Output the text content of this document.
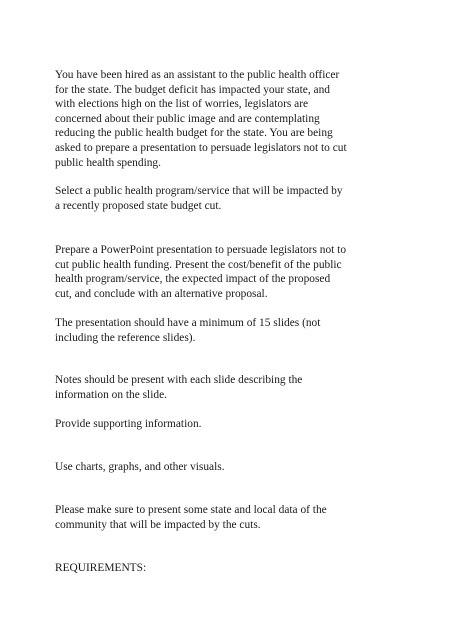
You have been hired as an assistant to the public health officer
for the state. The budget deficit has impacted your state, and
with elections high on the list of worries, legislators are
concerned about their public image and are contemplating
reducing the public health budget for the state. You are being
asked to prepare a presentation to persuade legislators not to cut
public health spending.

Select a public health program/service that will be impacted by
a recently proposed state budget cut.

Prepare a PowerPoint presentation to persuade legislators not to
cut public health funding. Present the cost/benefit of the public
health program/service, the expected impact of the proposed
cut, and conclude with an alternative proposal.

The presentation should have a minimum of 15 slides (not
including the reference slides).

Notes should be present with each slide describing the
information on the slide.

Provide supporting information.

Use charts, graphs, and other visuals.

Please make sure to present some state and local data of the
community that will be impacted by the cuts.

REQUIREMENTS:
